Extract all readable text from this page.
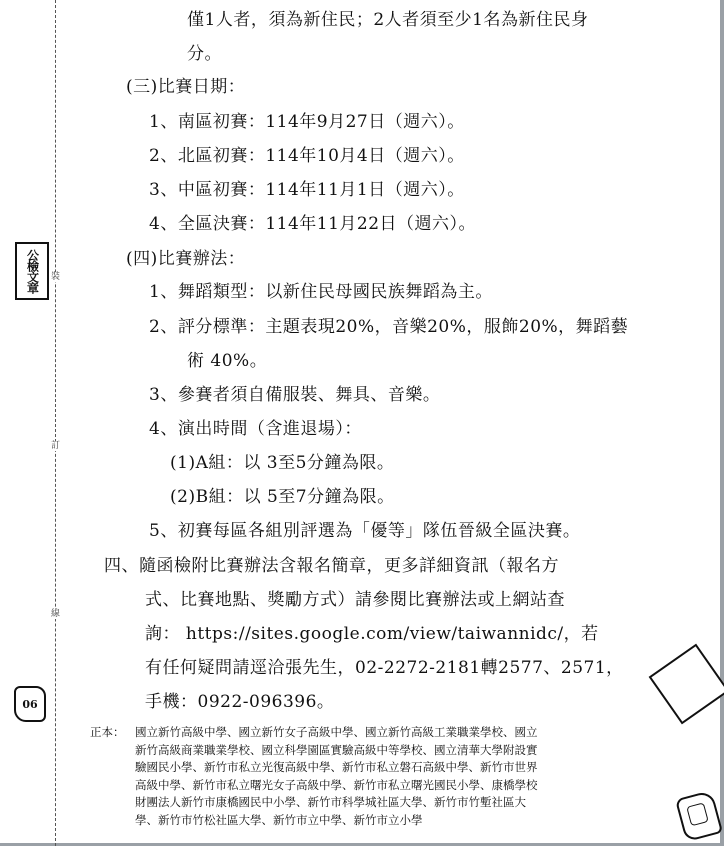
裝
訂
線
公檢文章
06
僅1人者，須為新住民；2人者須至少1名為新住民身
分。
(三)比賽日期：
1、南區初賽：114年9月27日（週六）。
2、北區初賽：114年10月4日（週六）。
3、中區初賽：114年11月1日（週六）。
4、全區決賽：114年11月22日（週六）。
(四)比賽辦法：
1、舞蹈類型：以新住民母國民族舞蹈為主。
2、評分標準：主題表現20%，音樂20%，服飾20%，舞蹈藝
術 40%。
3、參賽者須自備服裝、舞具、音樂。
4、演出時間（含進退場）：
(1)A組：以 3至5分鐘為限。
(2)B組：以 5至7分鐘為限。
5、初賽每區各組別評選為「優等」隊伍晉級全區決賽。
四、隨函檢附比賽辦法含報名簡章，更多詳細資訊（報名方
式、比賽地點、獎勵方式）請參閱比賽辦法或上網站查
詢： https://sites.google.com/view/taiwannidc/，若
有任何疑問請逕洽張先生，02-2272-2181轉2577、2571，
手機：0922-096396。
正本： 國立新竹高級中學、國立新竹女子高級中學、國立新竹高級工業職業學校、國立
新竹高級商業職業學校、國立科學園區實驗高級中等學校、國立清華大學附設實
驗國民小學、新竹市私立光復高級中學、新竹市私立磐石高級中學、新竹市世界
高級中學、新竹市私立曙光女子高級中學、新竹市私立曙光國民小學、康橋學校
財團法人新竹市康橋國民中小學、新竹市科學城社區大學、新竹市竹塹社區大
學、新竹市竹松社區大學、新竹市立中學、新竹市立小學
